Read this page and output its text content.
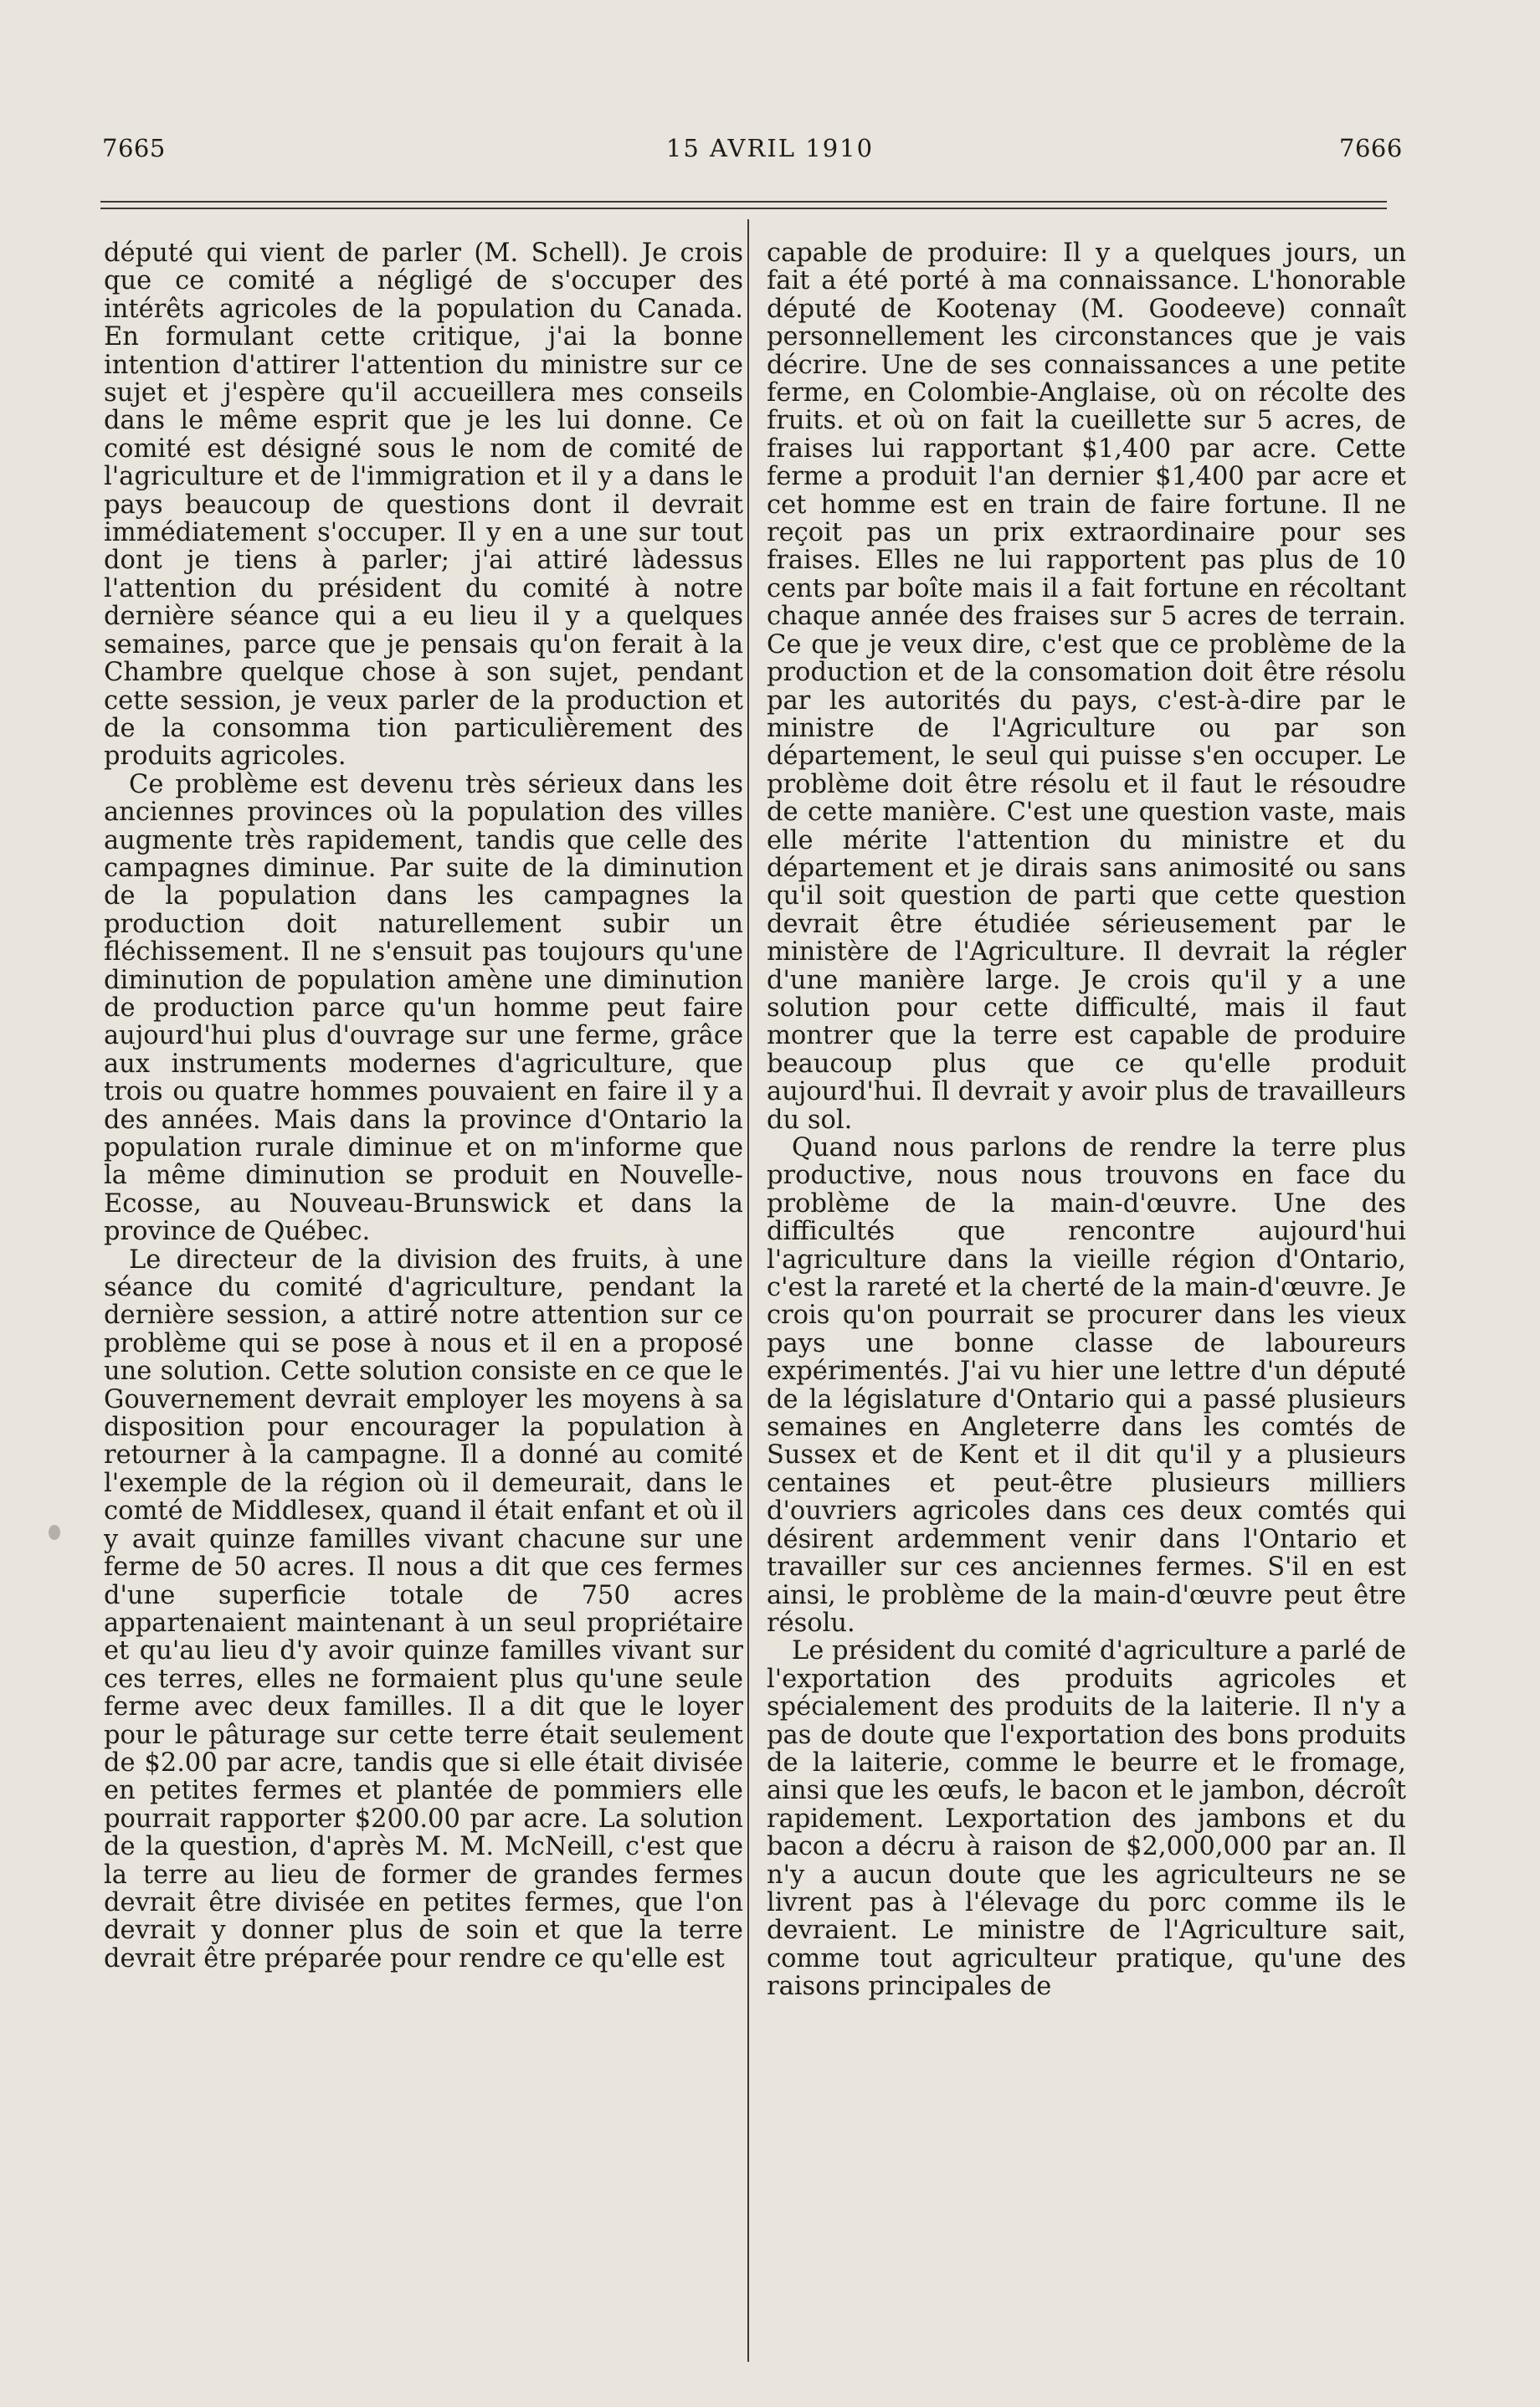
7665	15 AVRIL 1910	7666

député qui vient de parler (M. Schell). Je crois que ce comité a négligé de s'occuper des intérêts agricoles de la population du Canada. En formulant cette critique, j'ai la bonne intention d'attirer l'attention du ministre sur ce sujet et j'espère qu'il accueillera mes conseils dans le même esprit que je les lui donne. Ce comité est désigné sous le nom de comité de l'agriculture et de l'immigration et il y a dans le pays beaucoup de questions dont il devrait immédiatement s'occuper. Il y en a une sur tout dont je tiens à parler; j'ai attiré làdessus l'attention du président du comité à notre dernière séance qui a eu lieu il y a quelques semaines, parce que je pensais qu'on ferait à la Chambre quelque chose à son sujet, pendant cette session, je veux parler de la production et de la consomma tion particulièrement des produits agricoles.

Ce problème est devenu très sérieux dans les anciennes provinces où la population des villes augmente très rapidement, tandis que celle des campagnes diminue. Par suite de la diminution de la population dans les campagnes la production doit naturellement subir un fléchissement. Il ne s'ensuit pas toujours qu'une diminution de population amène une diminution de production parce qu'un homme peut faire aujourd'hui plus d'ouvrage sur une ferme, grâce aux instruments modernes d'agriculture, que trois ou quatre hommes pouvaient en faire il y a des années. Mais dans la province d'Ontario la population rurale diminue et on m'informe que la même diminution se produit en Nouvelle-Ecosse, au Nouveau-Brunswick et dans la province de Québec.

Le directeur de la division des fruits, à une séance du comité d'agriculture, pendant la dernière session, a attiré notre attention sur ce problème qui se pose à nous et il en a proposé une solution. Cette solution consiste en ce que le Gouvernement devrait employer les moyens à sa disposition pour encourager la population à retourner à la campagne. Il a donné au comité l'exemple de la région où il demeurait, dans le comté de Middlesex, quand il était enfant et où il y avait quinze familles vivant chacune sur une ferme de 50 acres. Il nous a dit que ces fermes d'une superficie totale de 750 acres appartenaient maintenant à un seul propriétaire et qu'au lieu d'y avoir quinze familles vivant sur ces terres, elles ne formaient plus qu'une seule ferme avec deux familles. Il a dit que le loyer pour le pâturage sur cette terre était seulement de $2.00 par acre, tandis que si elle était divisée en petites fermes et plantée de pommiers elle pourrait rapporter $200.00 par acre. La solution de la question, d'après M. M. McNeill, c'est que la terre au lieu de former de grandes fermes devrait être divisée en petites fermes, que l'on devrait y donner plus de soin et que la terre devrait être préparée pour rendre ce qu'elle est

capable de produire: Il y a quelques jours, un fait a été porté à ma connaissance. L'honorable député de Kootenay (M. Goodeeve) connaît personnellement les circonstances que je vais décrire. Une de ses connaissances a une petite ferme, en Colombie-Anglaise, où on récolte des fruits. et où on fait la cueillette sur 5 acres, de fraises lui rapportant $1,400 par acre. Cette ferme a produit l'an dernier $1,400 par acre et cet homme est en train de faire fortune. Il ne reçoit pas un prix extraordinaire pour ses fraises. Elles ne lui rapportent pas plus de 10 cents par boîte mais il a fait fortune en récoltant chaque année des fraises sur 5 acres de terrain. Ce que je veux dire, c'est que ce problème de la production et de la consomation doit être résolu par les autorités du pays, c'est-à-dire par le ministre de l'Agriculture ou par son département, le seul qui puisse s'en occuper. Le problème doit être résolu et il faut le résoudre de cette manière. C'est une question vaste, mais elle mérite l'attention du ministre et du département et je dirais sans animosité ou sans qu'il soit question de parti que cette question devrait être étudiée sérieusement par le ministère de l'Agriculture. Il devrait la régler d'une manière large. Je crois qu'il y a une solution pour cette difficulté, mais il faut montrer que la terre est capable de produire beaucoup plus que ce qu'elle produit aujourd'hui. Il devrait y avoir plus de travailleurs du sol.

Quand nous parlons de rendre la terre plus productive, nous nous trouvons en face du problème de la main-d'œuvre. Une des difficultés que rencontre aujourd'hui l'agriculture dans la vieille région d'Ontario, c'est la rareté et la cherté de la main-d'œuvre. Je crois qu'on pourrait se procurer dans les vieux pays une bonne classe de laboureurs expérimentés. J'ai vu hier une lettre d'un député de la législature d'Ontario qui a passé plusieurs semaines en Angleterre dans les comtés de Sussex et de Kent et il dit qu'il y a plusieurs centaines et peut-être plusieurs milliers d'ouvriers agricoles dans ces deux comtés qui désirent ardemment venir dans l'Ontario et travailler sur ces anciennes fermes. S'il en est ainsi, le problème de la main-d'œuvre peut être résolu.

Le président du comité d'agriculture a parlé de l'exportation des produits agricoles et spécialement des produits de la laiterie. Il n'y a pas de doute que l'exportation des bons produits de la laiterie, comme le beurre et le fromage, ainsi que les œufs, le bacon et le jambon, décroît rapidement. Lexportation des jambons et du bacon a décru à raison de $2,000,000 par an. Il n'y a aucun doute que les agriculteurs ne se livrent pas à l'élevage du porc comme ils le devraient. Le ministre de l'Agriculture sait, comme tout agriculteur pratique, qu'une des raisons principales de
